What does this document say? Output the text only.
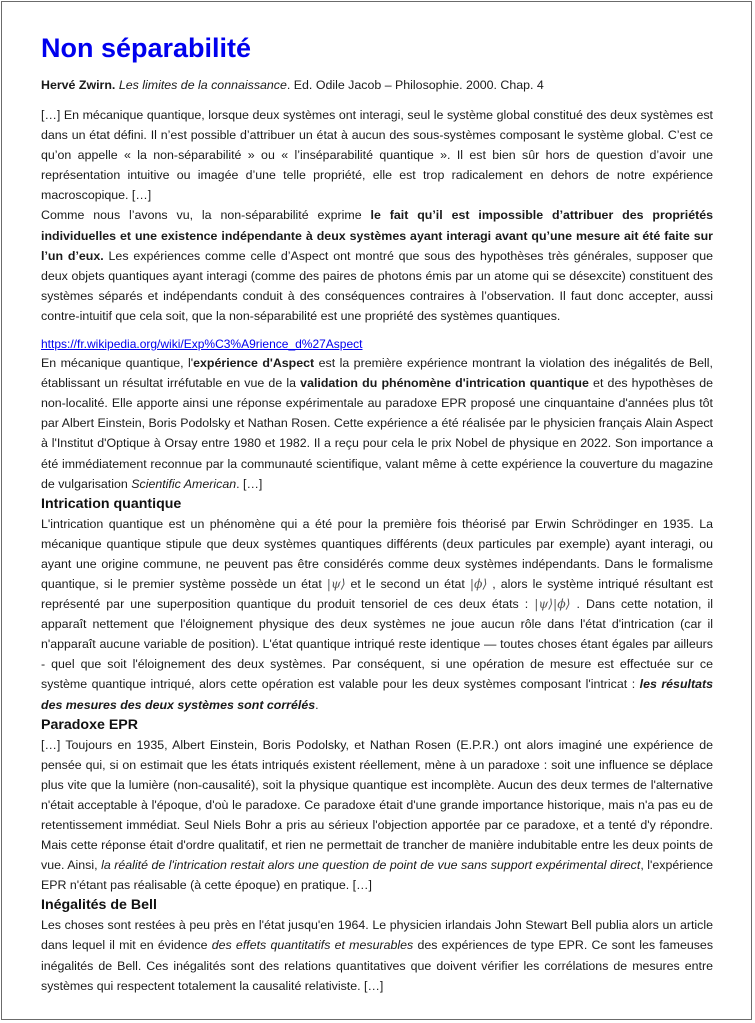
Non séparabilité

Hervé Zwirn. Les limites de la connaissance. Ed. Odile Jacob – Philosophie. 2000. Chap. 4

[…] En mécanique quantique, lorsque deux systèmes ont interagi, seul le système global constitué des deux systèmes est dans un état défini. Il n’est possible d’attribuer un état à aucun des sous-systèmes composant le système global. C’est ce qu’on appelle « la non-séparabilité » ou « l’inséparabilité quantique ». Il est bien sûr hors de question d’avoir une représentation intuitive ou imagée d’une telle propriété, elle est trop radicalement en dehors de notre expérience macroscopique. […]

Comme nous l’avons vu, la non-séparabilité exprime le fait qu’il est impossible d’attribuer des propriétés individuelles et une existence indépendante à deux systèmes ayant interagi avant qu’une mesure ait été faite sur l’un d’eux. Les expériences comme celle d’Aspect ont montré que sous des hypothèses très générales, supposer que deux objets quantiques ayant interagi (comme des paires de photons émis par un atome qui se désexcite) constituent des systèmes séparés et indépendants conduit à des conséquences contraires à l’observation. Il faut donc accepter, aussi contre-intuitif que cela soit, que la non-séparabilité est une propriété des systèmes quantiques.

https://fr.wikipedia.org/wiki/Exp%C3%A9rience_d%27Aspect

En mécanique quantique, l'expérience d'Aspect est la première expérience montrant la violation des inégalités de Bell, établissant un résultat irréfutable en vue de la validation du phénomène d'intrication quantique et des hypothèses de non-localité. Elle apporte ainsi une réponse expérimentale au paradoxe EPR proposé une cinquantaine d'années plus tôt par Albert Einstein, Boris Podolsky et Nathan Rosen. Cette expérience a été réalisée par le physicien français Alain Aspect à l'Institut d'Optique à Orsay entre 1980 et 1982. Il a reçu pour cela le prix Nobel de physique en 2022. Son importance a été immédiatement reconnue par la communauté scientifique, valant même à cette expérience la couverture du magazine de vulgarisation Scientific American. […]

Intrication quantique

L'intrication quantique est un phénomène qui a été pour la première fois théorisé par Erwin Schrödinger en 1935. La mécanique quantique stipule que deux systèmes quantiques différents (deux particules par exemple) ayant interagi, ou ayant une origine commune, ne peuvent pas être considérés comme deux systèmes indépendants. Dans le formalisme quantique, si le premier système possède un état |ψ⟩ et le second un état |ϕ⟩ , alors le système intriqué résultant est représenté par une superposition quantique du produit tensoriel de ces deux états : |ψ⟩|ϕ⟩ . Dans cette notation, il apparaît nettement que l'éloignement physique des deux systèmes ne joue aucun rôle dans l'état d'intrication (car il n'apparaît aucune variable de position). L'état quantique intriqué reste identique — toutes choses étant égales par ailleurs - quel que soit l'éloignement des deux systèmes. Par conséquent, si une opération de mesure est effectuée sur ce système quantique intriqué, alors cette opération est valable pour les deux systèmes composant l'intricat : les résultats des mesures des deux systèmes sont corrélés.

Paradoxe EPR

[…] Toujours en 1935, Albert Einstein, Boris Podolsky, et Nathan Rosen (E.P.R.) ont alors imaginé une expérience de pensée qui, si on estimait que les états intriqués existent réellement, mène à un paradoxe : soit une influence se déplace plus vite que la lumière (non-causalité), soit la physique quantique est incomplète. Aucun des deux termes de l'alternative n'était acceptable à l'époque, d'où le paradoxe. Ce paradoxe était d'une grande importance historique, mais n'a pas eu de retentissement immédiat. Seul Niels Bohr a pris au sérieux l'objection apportée par ce paradoxe, et a tenté d'y répondre. Mais cette réponse était d'ordre qualitatif, et rien ne permettait de trancher de manière indubitable entre les deux points de vue. Ainsi, la réalité de l'intrication restait alors une question de point de vue sans support expérimental direct, l'expérience EPR n'étant pas réalisable (à cette époque) en pratique. […]

Inégalités de Bell

Les choses sont restées à peu près en l'état jusqu'en 1964. Le physicien irlandais John Stewart Bell publia alors un article dans lequel il mit en évidence des effets quantitatifs et mesurables des expériences de type EPR. Ce sont les fameuses inégalités de Bell. Ces inégalités sont des relations quantitatives que doivent vérifier les corrélations de mesures entre systèmes qui respectent totalement la causalité relativiste. […]
